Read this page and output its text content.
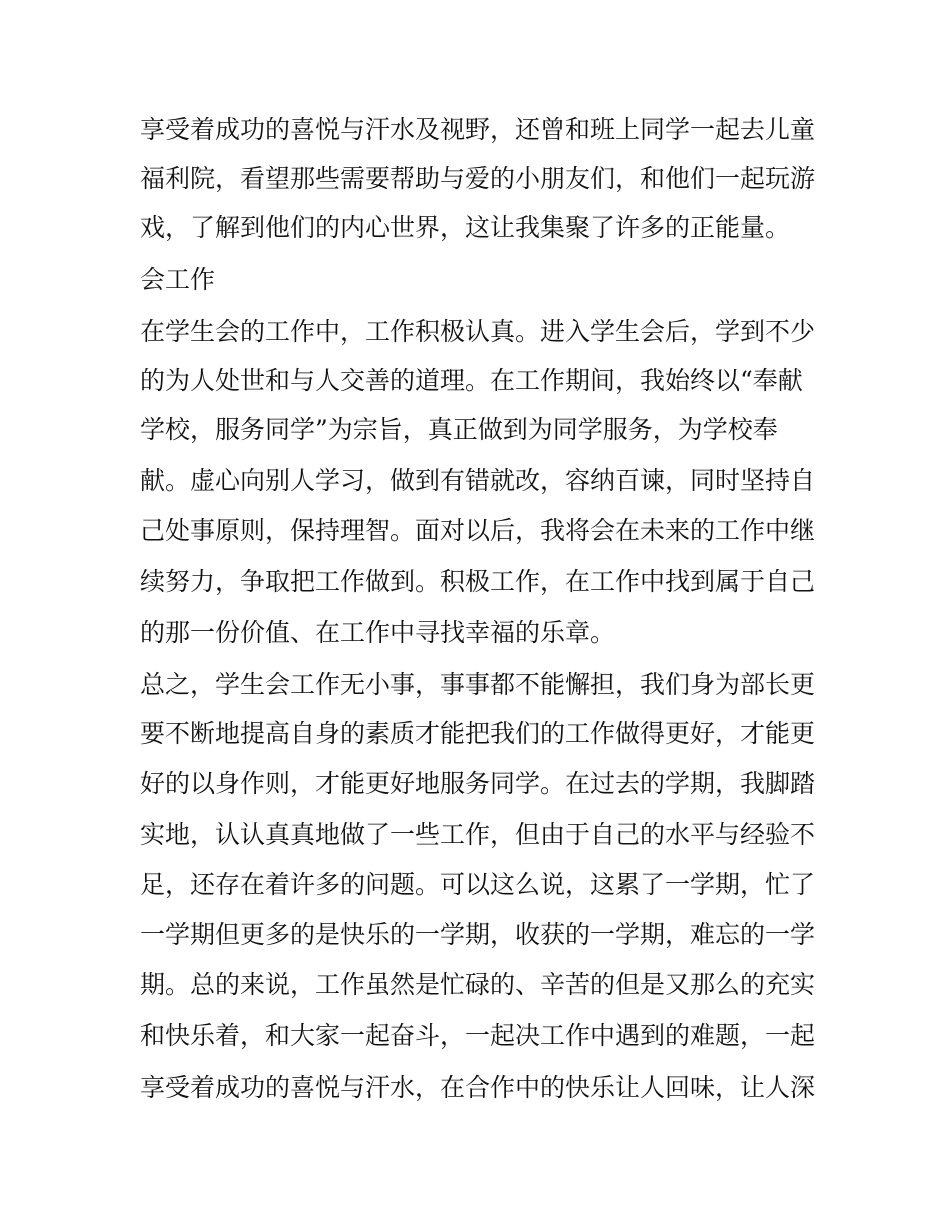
享受着成功的喜悦与汗水及视野，还曾和班上同学一起去儿童
福利院，看望那些需要帮助与爱的小朋友们，和他们一起玩游
戏，了解到他们的内心世界，这让我集聚了许多的正能量。
会工作
在学生会的工作中，工作积极认真。进入学生会后，学到不少
的为人处世和与人交善的道理。在工作期间，我始终以“奉献
学校，服务同学”为宗旨，真正做到为同学服务，为学校奉
献。虚心向别人学习，做到有错就改，容纳百谏，同时坚持自
己处事原则，保持理智。面对以后，我将会在未来的工作中继
续努力，争取把工作做到。积极工作，在工作中找到属于自己
的那一份价值、在工作中寻找幸福的乐章。
总之，学生会工作无小事，事事都不能懈担，我们身为部长更
要不断地提高自身的素质才能把我们的工作做得更好，才能更
好的以身作则，才能更好地服务同学。在过去的学期，我脚踏
实地，认认真真地做了一些工作，但由于自己的水平与经验不
足，还存在着许多的问题。可以这么说，这累了一学期，忙了
一学期但更多的是快乐的一学期，收获的一学期，难忘的一学
期。总的来说，工作虽然是忙碌的、辛苦的但是又那么的充实
和快乐着，和大家一起奋斗，一起决工作中遇到的难题，一起
享受着成功的喜悦与汗水，在合作中的快乐让人回味，让人深
